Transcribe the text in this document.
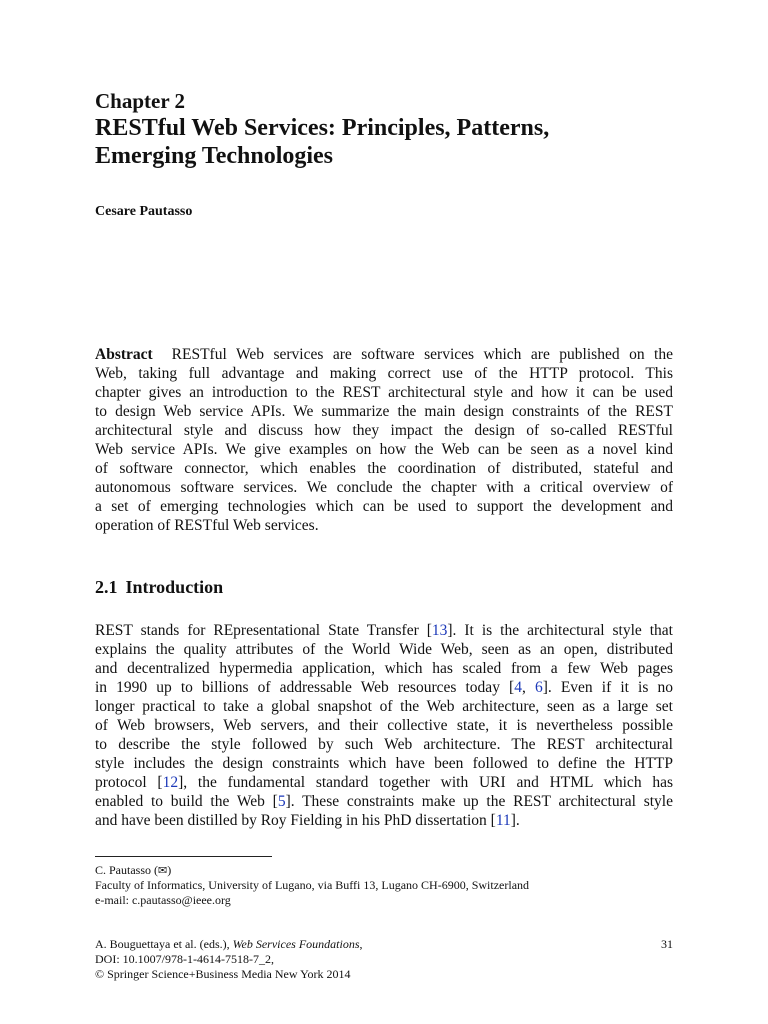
Chapter 2
RESTful Web Services: Principles, Patterns,
Emerging Technologies
Cesare Pautasso
Abstract RESTful Web services are software services which are published on the
Web, taking full advantage and making correct use of the HTTP protocol. This
chapter gives an introduction to the REST architectural style and how it can be used
to design Web service APIs. We summarize the main design constraints of the REST
architectural style and discuss how they impact the design of so-called RESTful
Web service APIs. We give examples on how the Web can be seen as a novel kind
of software connector, which enables the coordination of distributed, stateful and
autonomous software services. We conclude the chapter with a critical overview of
a set of emerging technologies which can be used to support the development and
operation of RESTful Web services.
2.1 Introduction
REST stands for REpresentational State Transfer [13]. It is the architectural style that
explains the quality attributes of the World Wide Web, seen as an open, distributed
and decentralized hypermedia application, which has scaled from a few Web pages
in 1990 up to billions of addressable Web resources today [4, 6]. Even if it is no
longer practical to take a global snapshot of the Web architecture, seen as a large set
of Web browsers, Web servers, and their collective state, it is nevertheless possible
to describe the style followed by such Web architecture. The REST architectural
style includes the design constraints which have been followed to define the HTTP
protocol [12], the fundamental standard together with URI and HTML which has
enabled to build the Web [5]. These constraints make up the REST architectural style
and have been distilled by Roy Fielding in his PhD dissertation [11].
C. Pautasso (✉)
Faculty of Informatics, University of Lugano, via Buffi 13, Lugano CH-6900, Switzerland
e-mail: c.pautasso@ieee.org
A. Bouguettaya et al. (eds.), Web Services Foundations,
DOI: 10.1007/978-1-4614-7518-7_2,
© Springer Science+Business Media New York 2014
31
